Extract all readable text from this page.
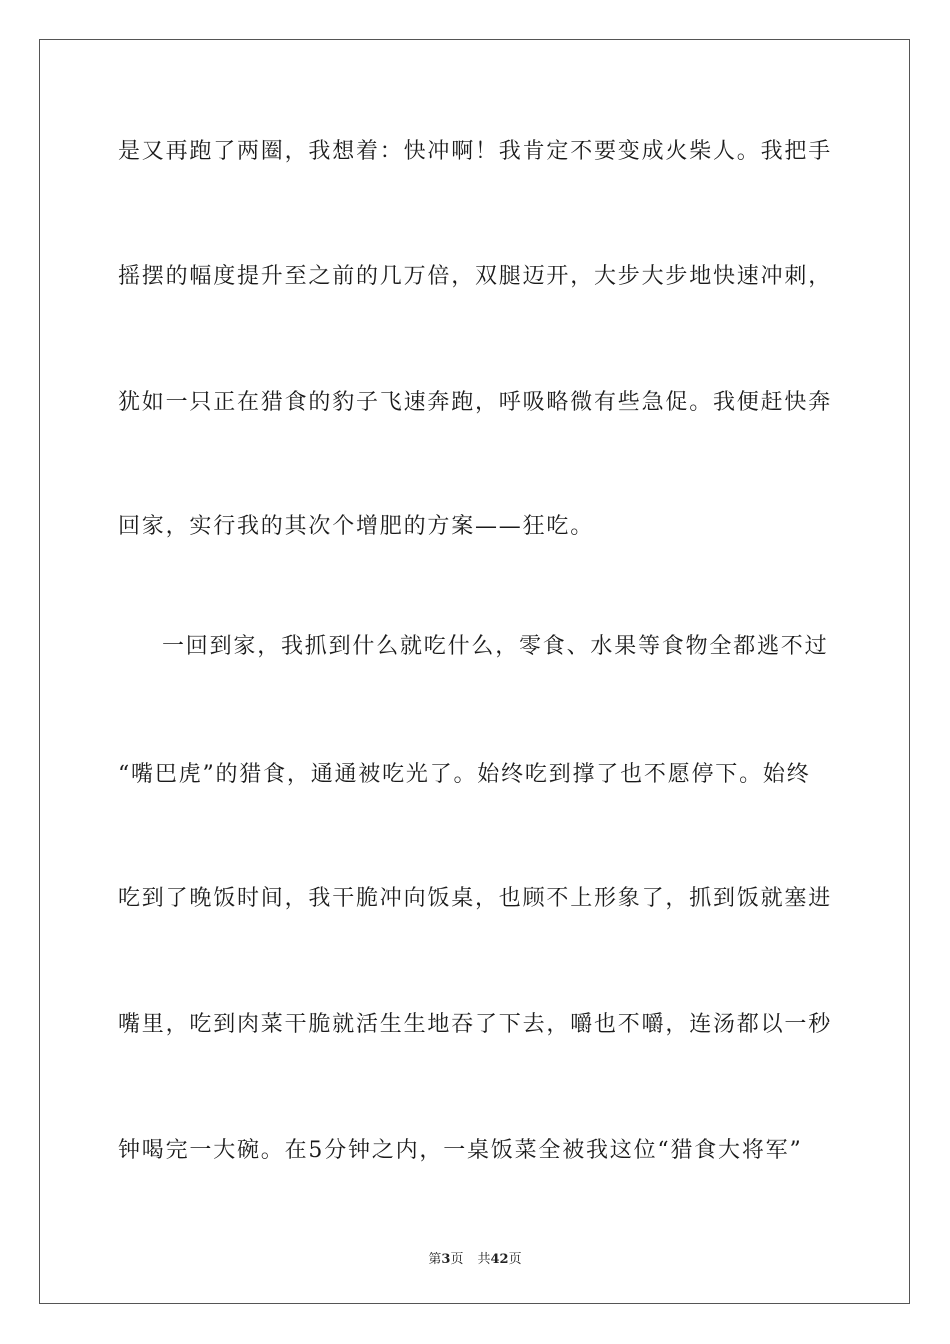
是又再跑了两圈，我想着：快冲啊！我肯定不要变成火柴人。我把手
摇摆的幅度提升至之前的几万倍，双腿迈开，大步大步地快速冲刺，
犹如一只正在猎食的豹子飞速奔跑，呼吸略微有些急促。我便赶快奔
回家，实行我的其次个增肥的方案——狂吃。
一回到家，我抓到什么就吃什么，零食、水果等食物全都逃不过
“嘴巴虎”的猎食，通通被吃光了。始终吃到撑了也不愿停下。始终
吃到了晚饭时间，我干脆冲向饭桌，也顾不上形象了，抓到饭就塞进
嘴里，吃到肉菜干脆就活生生地吞了下去，嚼也不嚼，连汤都以一秒
钟喝完一大碗。在5分钟之内，一桌饭菜全被我这位“猎食大将军”
第3页 共42页
